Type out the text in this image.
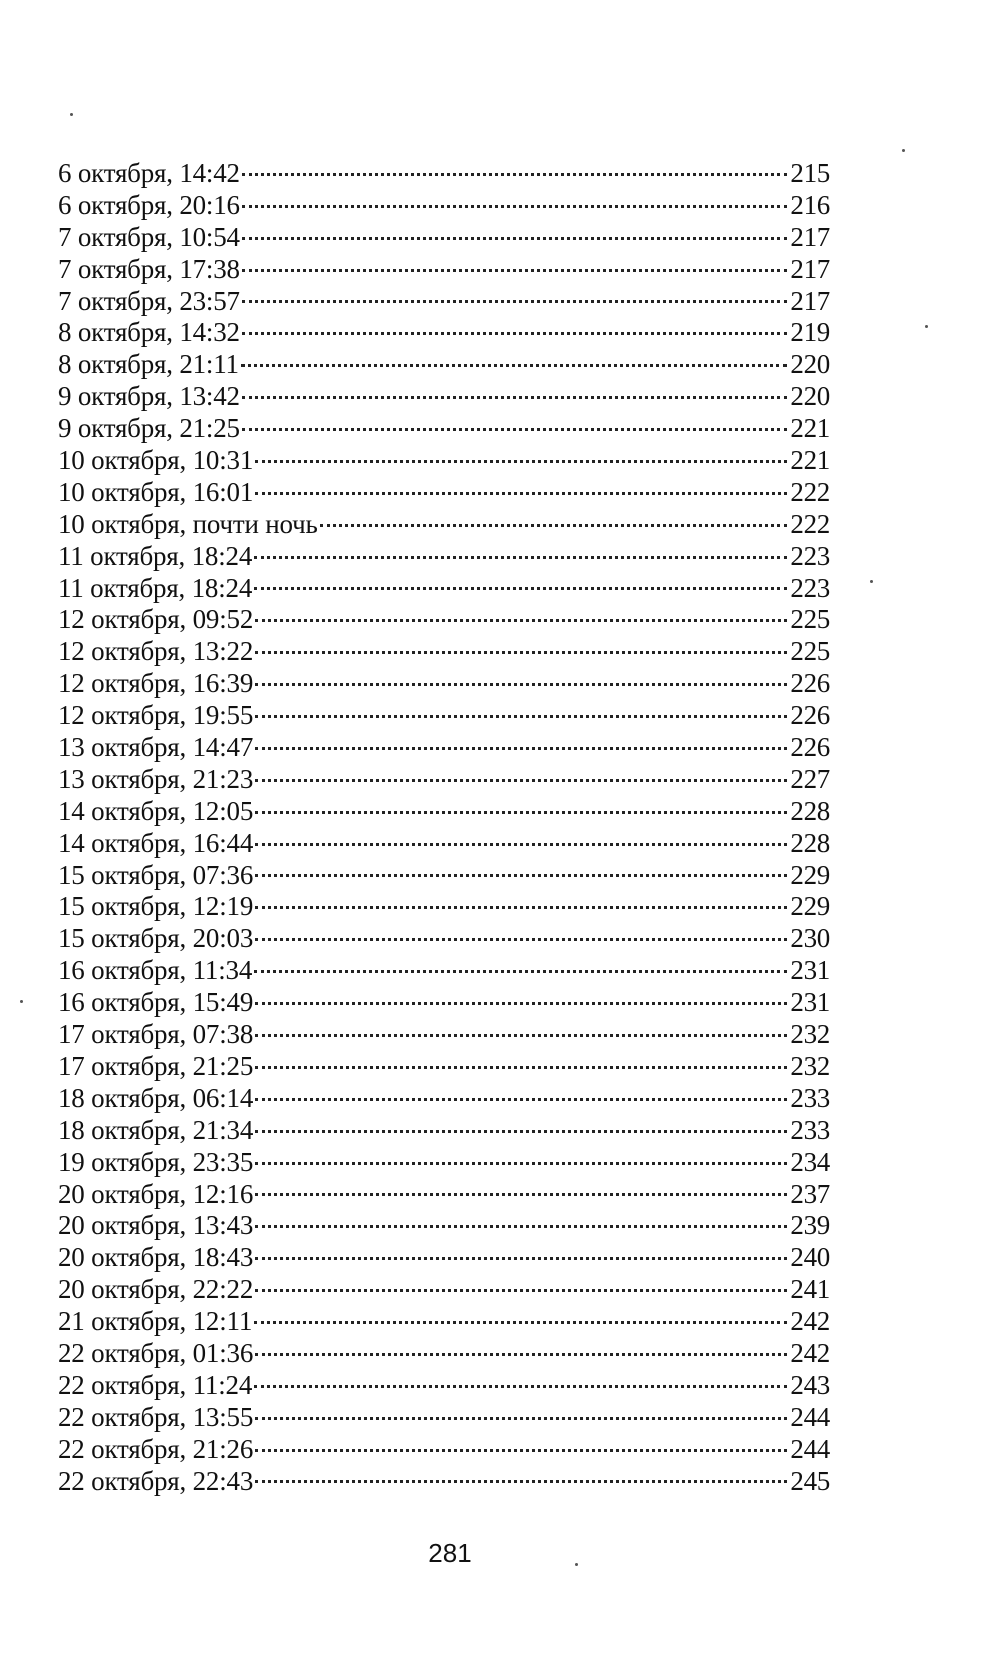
6 октября, 14:42	215
6 октября, 20:16	216
7 октября, 10:54	217
7 октября, 17:38	217
7 октября, 23:57	217
8 октября, 14:32	219
8 октября, 21:11	220
9 октября, 13:42	220
9 октября, 21:25	221
10 октября, 10:31	221
10 октября, 16:01	222
10 октября, почти ночь	222
11 октября, 18:24	223
11 октября, 18:24	223
12 октября, 09:52	225
12 октября, 13:22	225
12 октября, 16:39	226
12 октября, 19:55	226
13 октября, 14:47	226
13 октября, 21:23	227
14 октября, 12:05	228
14 октября, 16:44	228
15 октября, 07:36	229
15 октября, 12:19	229
15 октября, 20:03	230
16 октября, 11:34	231
16 октября, 15:49	231
17 октября, 07:38	232
17 октября, 21:25	232
18 октября, 06:14	233
18 октября, 21:34	233
19 октября, 23:35	234
20 октября, 12:16	237
20 октября, 13:43	239
20 октября, 18:43	240
20 октября, 22:22	241
21 октября, 12:11	242
22 октября, 01:36	242
22 октября, 11:24	243
22 октября, 13:55	244
22 октября, 21:26	244
22 октября, 22:43	245
281
